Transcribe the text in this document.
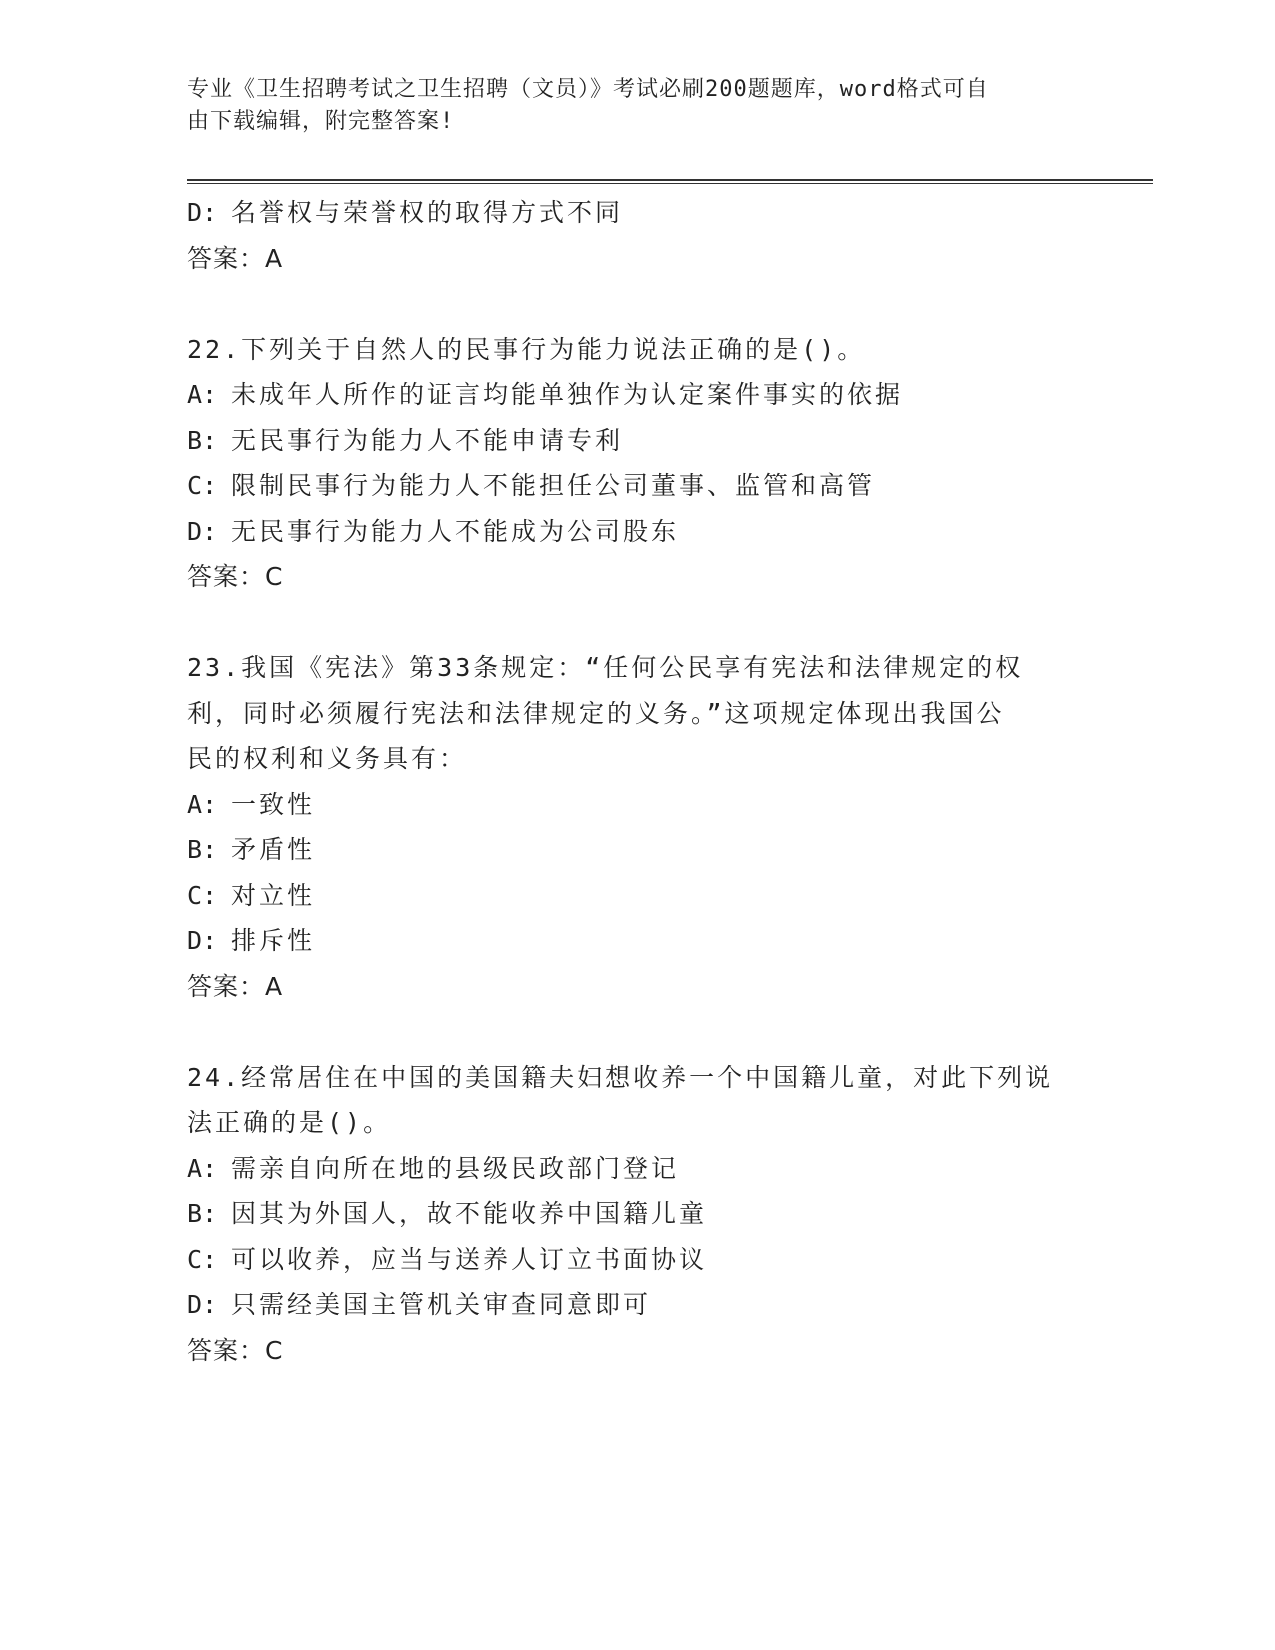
专业《卫生招聘考试之卫生招聘（文员）》考试必刷200题题库，word格式可自
由下载编辑，附完整答案!
D: 名誉权与荣誉权的取得方式不同
答案：A
22.下列关于自然人的民事行为能力说法正确的是()。
A: 未成年人所作的证言均能单独作为认定案件事实的依据
B: 无民事行为能力人不能申请专利
C: 限制民事行为能力人不能担任公司董事、监管和高管
D: 无民事行为能力人不能成为公司股东
答案：C
23.我国《宪法》第33条规定：“任何公民享有宪法和法律规定的权
利，同时必须履行宪法和法律规定的义务。”这项规定体现出我国公
民的权利和义务具有：
A: 一致性
B: 矛盾性
C: 对立性
D: 排斥性
答案：A
24.经常居住在中国的美国籍夫妇想收养一个中国籍儿童，对此下列说
法正确的是()。
A: 需亲自向所在地的县级民政部门登记
B: 因其为外国人，故不能收养中国籍儿童
C: 可以收养，应当与送养人订立书面协议
D: 只需经美国主管机关审查同意即可
答案：C
